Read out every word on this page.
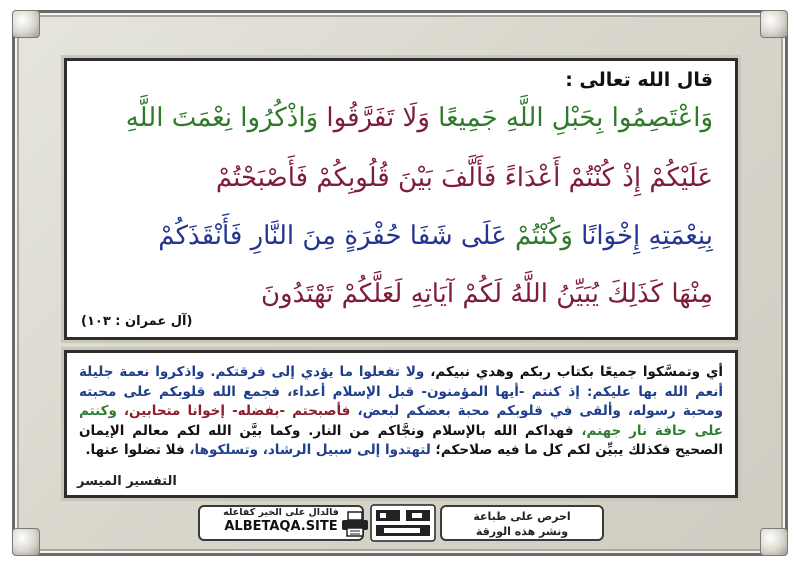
قال الله تعالى :
وَاعْتَصِمُوا بِحَبْلِ اللَّهِ جَمِيعًا وَلَا تَفَرَّقُوا وَاذْكُرُوا نِعْمَتَ اللَّهِ
عَلَيْكُمْ إِذْ كُنْتُمْ أَعْدَاءً فَأَلَّفَ بَيْنَ قُلُوبِكُمْ فَأَصْبَحْتُمْ
بِنِعْمَتِهِ إِخْوَانًا وَكُنْتُمْ عَلَى شَفَا حُفْرَةٍ مِنَ النَّارِ فَأَنْقَذَكُمْ
مِنْهَا كَذَلِكَ يُبَيِّنُ اللَّهُ لَكُمْ آيَاتِهِ لَعَلَّكُمْ تَهْتَدُونَ
(آل عمران : ١٠٣)
أي وتمسَّكوا جميعًا بكتاب ربكم وهدي نبيكم، ولا تفعلوا ما يؤدي إلى فرقتكم. واذكروا نعمة جليلة أنعم الله بها عليكم: إذ كنتم -أيها المؤمنون- قبل الإسلام أعداء، فجمع الله قلوبكم على محبته ومحبة رسوله، وألقى في قلوبكم محبة بعضكم لبعض، فأصبحتم -بفضله- إخوانا متحابين، وكنتم على حافة نار جهنم، فهداكم الله بالإسلام ونجَّاكم من النار. وكما بيَّن الله لكم معالم الإيمان الصحيح فكذلك يبيِّن لكم كل ما فيه صلاحكم؛ لتهتدوا إلى سبيل الرشاد، وتسلكوها، فلا تضلوا عنها.
التفسير الميسر
فالدال على الخير كفاعله
ALBETAQA.SITE
احرص على طباعة
ونشر هذه الورقة
